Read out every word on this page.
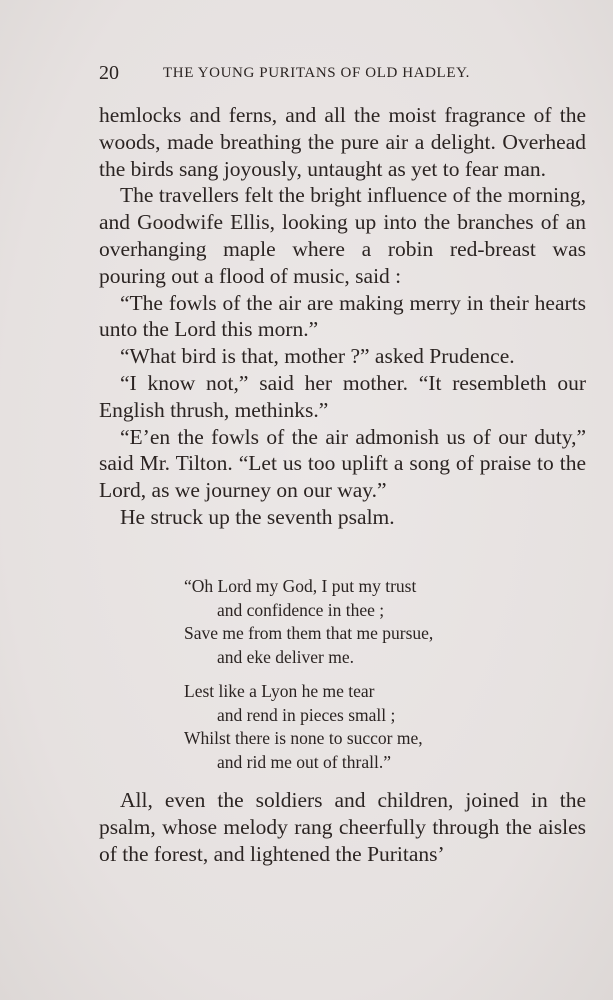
20	THE YOUNG PURITANS OF OLD HADLEY.

hemlocks and ferns, and all the moist fragrance of the woods, made breathing the pure air a delight. Overhead the birds sang joyously, untaught as yet to fear man.

The travellers felt the bright influence of the morning, and Goodwife Ellis, looking up into the branches of an overhanging maple where a robin red-breast was pouring out a flood of music, said :

“The fowls of the air are making merry in their hearts unto the Lord this morn.”

“What bird is that, mother ?” asked Prudence.

“I know not,” said her mother. “It resembleth our English thrush, methinks.”

“E’en the fowls of the air admonish us of our duty,” said Mr. Tilton. “Let us too uplift a song of praise to the Lord, as we journey on our way.”

He struck up the seventh psalm.

“Oh Lord my God, I put my trust
and confidence in thee ;
Save me from them that me pursue,
and eke deliver me.
Lest like a Lyon he me tear
and rend in pieces small ;
Whilst there is none to succor me,
and rid me out of thrall.”

All, even the soldiers and children, joined in the psalm, whose melody rang cheerfully through the aisles of the forest, and lightened the Puritans’
